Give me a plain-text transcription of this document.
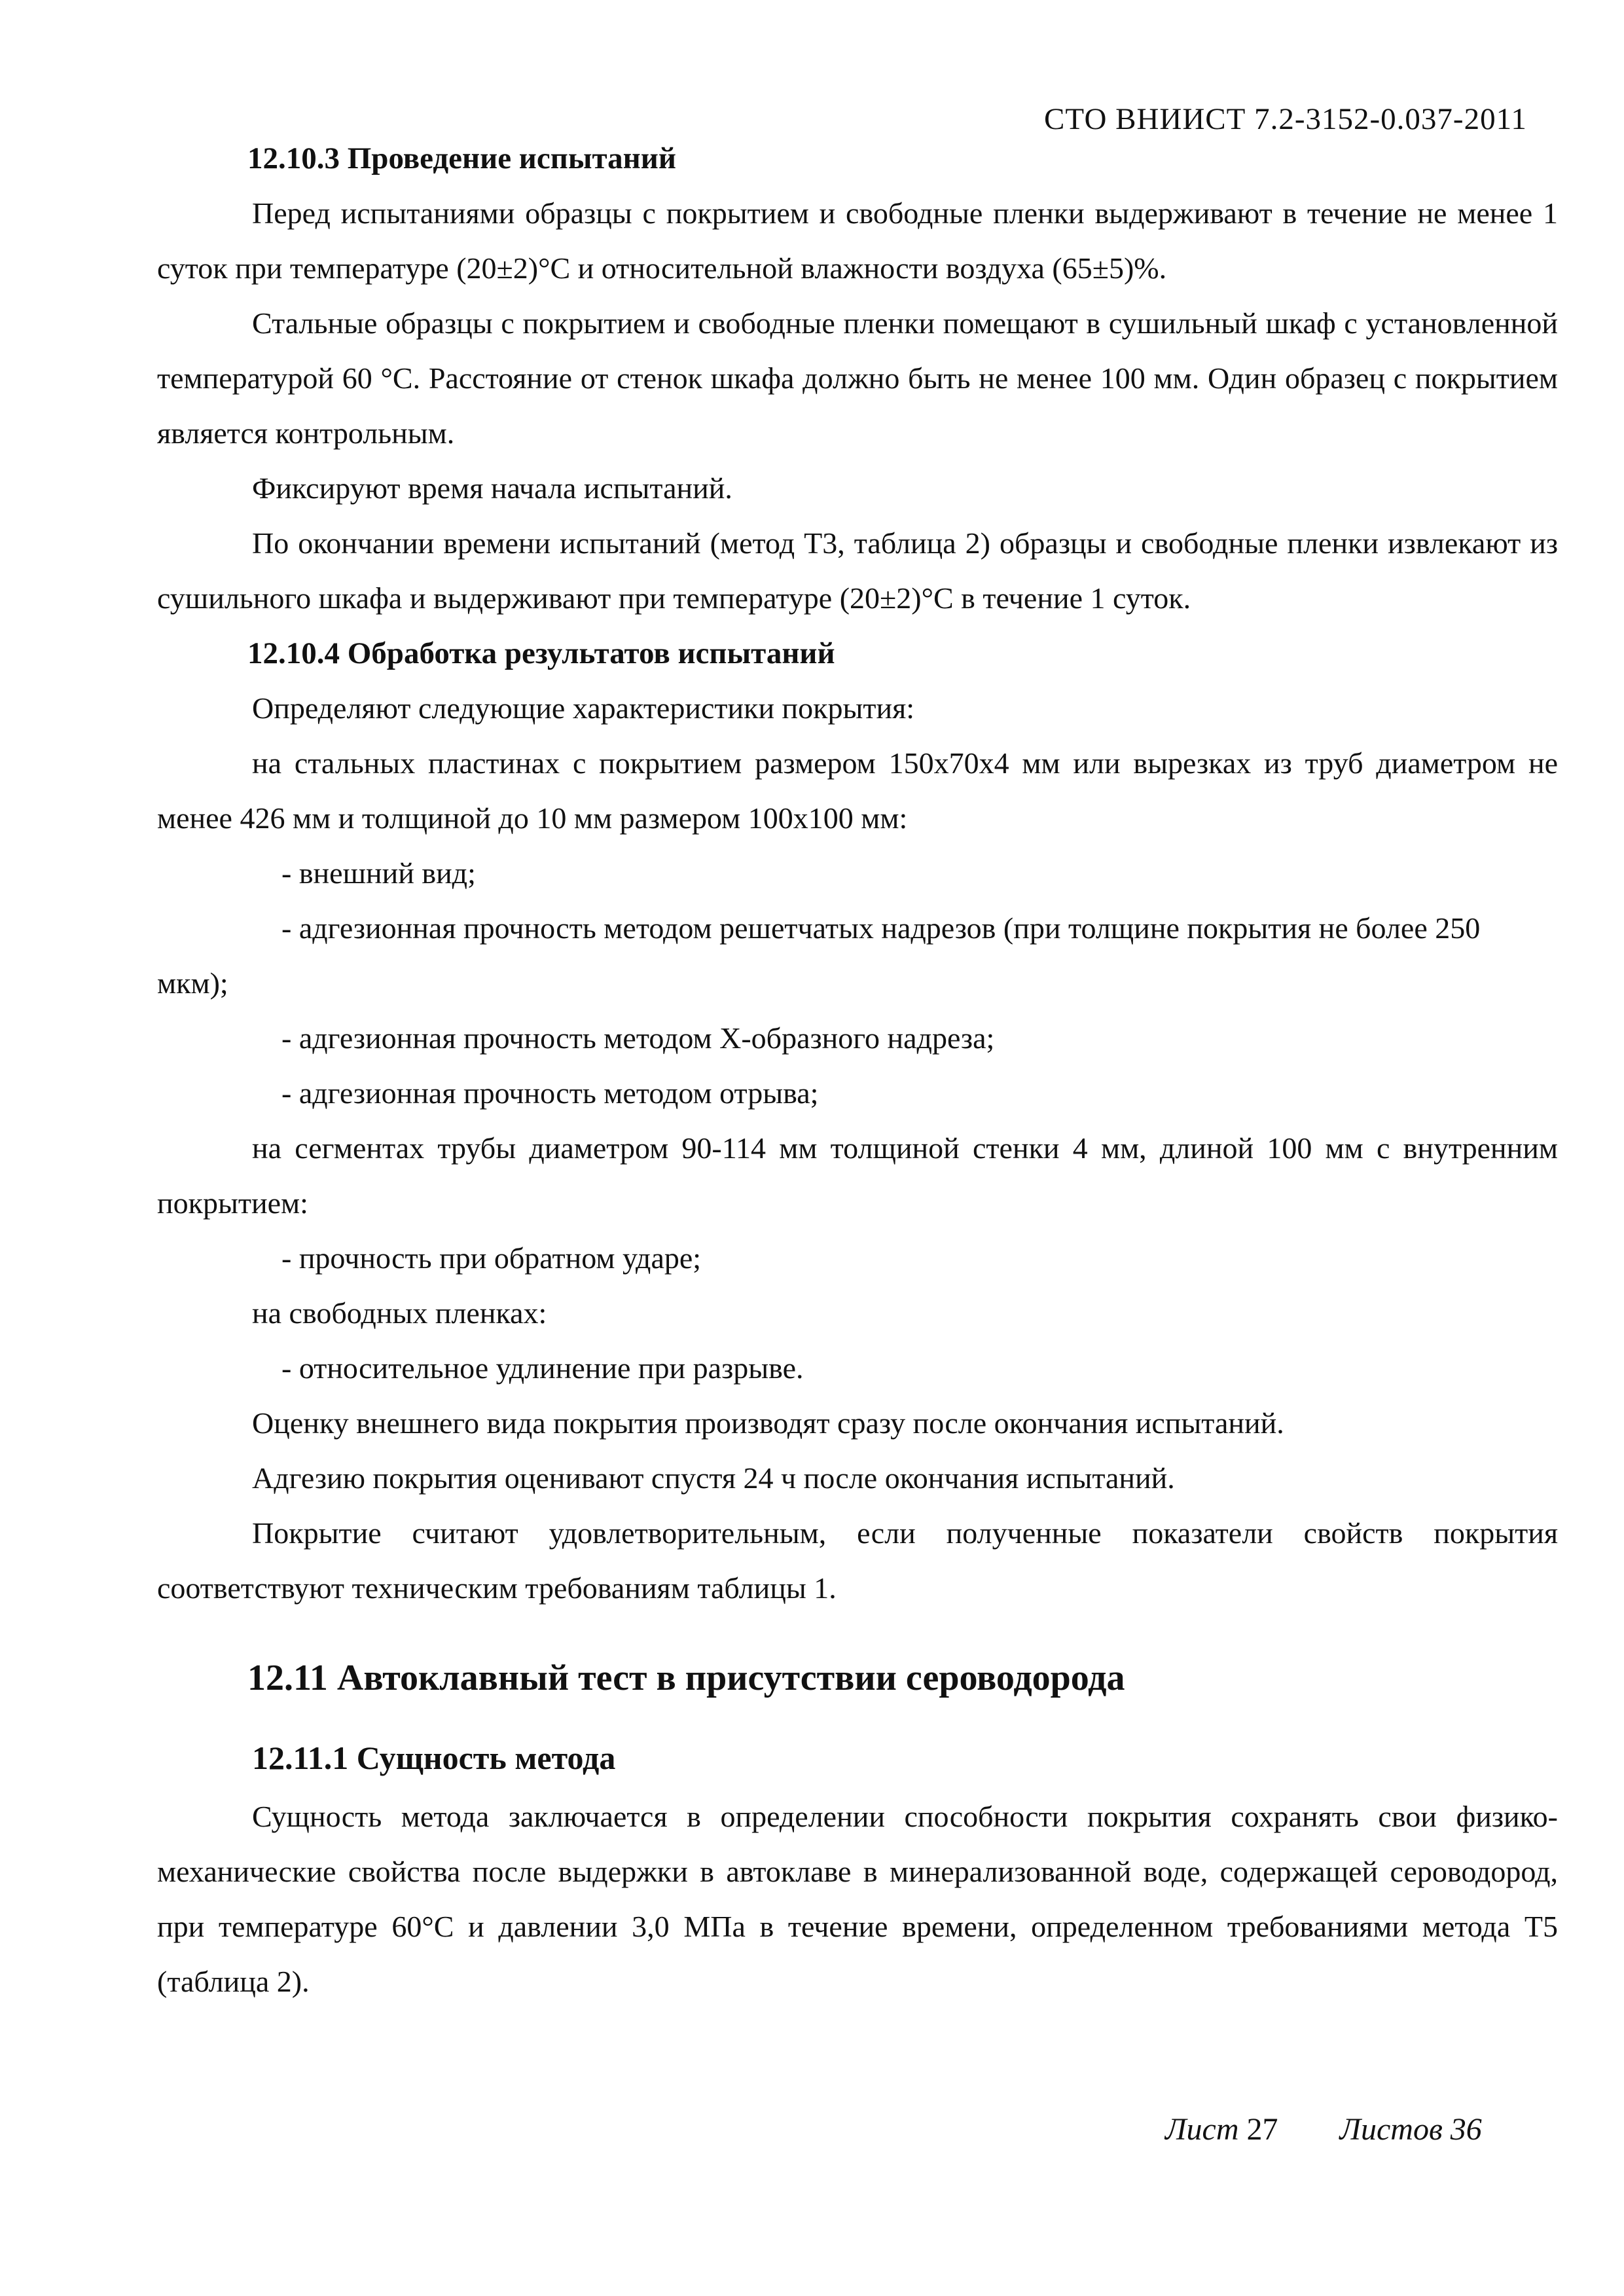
СТО ВНИИСТ 7.2-3152-0.037-2011
12.10.3 Проведение испытаний

Перед испытаниями образцы с покрытием и свободные пленки выдерживают в течение не менее 1 суток при температуре (20±2)°С и относительной влажности воздуха (65±5)%.

Стальные образцы с покрытием и свободные пленки помещают в сушильный шкаф с установленной температурой 60 °С. Расстояние от стенок шкафа должно быть не менее 100 мм. Один образец с покрытием является контрольным.

Фиксируют время начала испытаний.

По окончании времени испытаний (метод Т3, таблица 2) образцы и свободные пленки извлекают из сушильного шкафа и выдерживают при температуре (20±2)°С в течение 1 суток.

12.10.4 Обработка результатов испытаний

Определяют следующие характеристики покрытия:

на стальных пластинах с покрытием размером 150х70х4 мм или вырезках из труб диаметром не менее 426 мм и толщиной до 10 мм размером 100х100 мм:

- внешний вид;

- адгезионная прочность методом решетчатых надрезов (при толщине покрытия не более 250 мкм);

- адгезионная прочность методом Х-образного надреза;

- адгезионная прочность методом отрыва;

на сегментах трубы диаметром 90-114 мм толщиной стенки 4 мм, длиной 100 мм с внутренним покрытием:

- прочность при обратном ударе;

на свободных пленках:

- относительное удлинение при разрыве.

Оценку внешнего вида покрытия производят сразу после окончания испытаний.

Адгезию покрытия оценивают спустя 24 ч после окончания испытаний.

Покрытие считают удовлетворительным, если полученные показатели свойств покрытия соответствуют техническим требованиям таблицы 1.

12.11 Автоклавный тест в присутствии сероводорода
12.11.1 Сущность метода

Сущность метода заключается в определении способности покрытия сохранять свои физико-механические свойства после выдержки в автоклаве в минерализованной воде, содержащей сероводород, при температуре 60°С и давлении 3,0 МПа в течение времени, определенном требованиями метода Т5 (таблица 2).

Лист 27 Листов 36
